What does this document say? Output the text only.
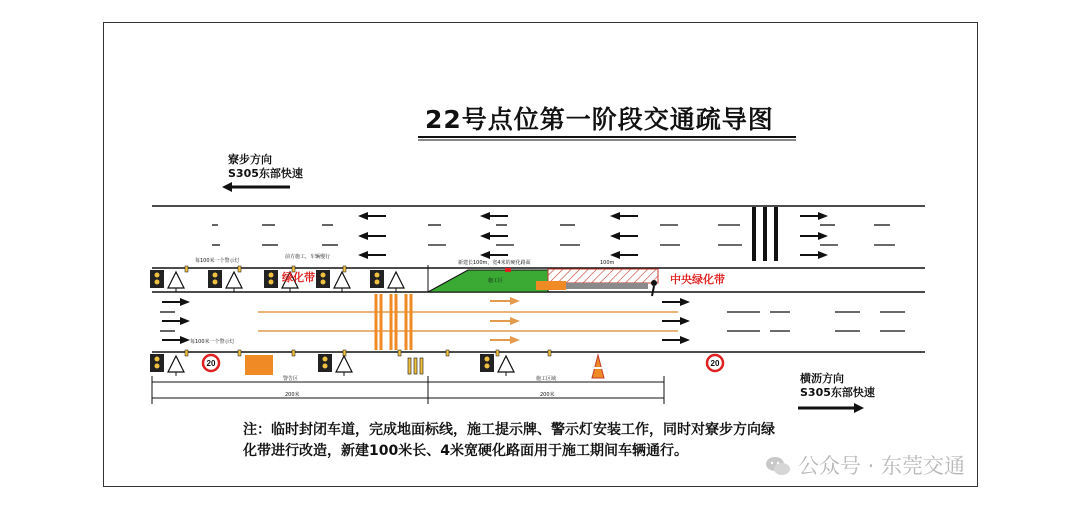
22号点位第一阶段交通疏导图
寮步方向
S305东部快速
横沥方向
S305东部快速
20	20
每100米一个警示灯
前方施工，车辆慢行
每100米一个警示灯
新建长100m，宽4米的硬化路面	100m
施工区
绿化带	中央绿化带
警告区	施工区域
200米	200米
注：临时封闭车道，完成地面标线，施工提示牌、警示灯安装工作，同时对寮步方向绿化带进行改造，新建100米长、4米宽硬化路面用于施工期间车辆通行。
公众号 · 东莞交通
